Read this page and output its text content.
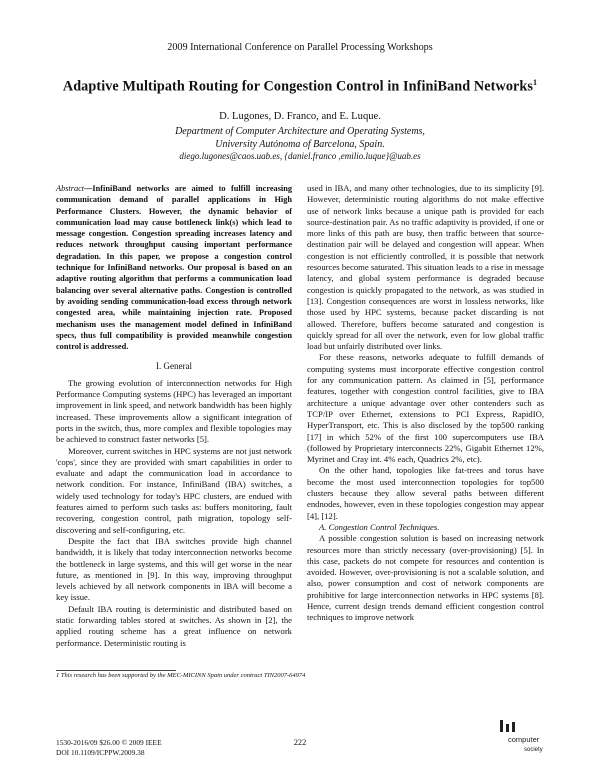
2009 International Conference on Parallel Processing Workshops
Adaptive Multipath Routing for Congestion Control in InfiniBand Networks$^1$
D. Lugones, D. Franco, and E. Luque.
Department of Computer Architecture and Operating Systems,
University Autónoma of Barcelona, Spain.
diego.lugones@caos.uab.es, {daniel.franco ,emilio.luque}@uab.es

Abstract—InfiniBand networks are aimed to fulfill increasing communication demand of parallel applications in High Performance Clusters. However, the dynamic behavior of communication load may cause bottleneck link(s) which lead to message congestion. Congestion spreading increases latency and reduces network throughput causing important performance degradation. In this paper, we propose a congestion control technique for InfiniBand networks. Our proposal is based on an adaptive routing algorithm that performs a communication load balancing over several alternative paths. Congestion is controlled by avoiding sending communication-load excess through network congested area, while maintaining injection rate. Proposed mechanism uses the management model defined in InfiniBand specs, thus full compatibility is provided meanwhile congestion control is addressed.

I. General

The growing evolution of interconnection networks for High Performance Computing systems (HPC) has leveraged an important improvement in link speed, and network bandwidth has been highly increased. These improvements allow a significant integration of ports in the switch, thus, more complex and flexible topologies may be achieved to construct faster networks [5].

Moreover, current switches in HPC systems are not just network 'cops', since they are provided with smart capabilities in order to evaluate and adapt the communication load in accordance to network condition. For instance, InfiniBand (IBA) switches, a widely used technology for today's HPC clusters, are endued with features aimed to perform such tasks as: buffers monitoring, fault recovering, congestion control, path migration, topology self-discovering and self-configuring, etc.

Despite the fact that IBA switches provide high channel bandwidth, it is likely that today interconnection networks become the bottleneck in large systems, and this will get worse in the near future, as mentioned in [9]. In this way, improving throughput levels achieved by all network components in IBA will become a key issue.

Default IBA routing is deterministic and distributed based on static forwarding tables stored at switches. As shown in [2], the applied routing scheme has a great influence on network performance. Deterministic routing is

used in IBA, and many other technologies, due to its simplicity [9]. However, deterministic routing algorithms do not make effective use of network links because a unique path is provided for each source-destination pair. As no traffic adaptivity is provided, if one or more links of this path are busy, then traffic between that source-destination pair will be delayed and congestion will appear. When congestion is not efficiently controlled, it is possible that network resources become saturated. This situation leads to a rise in message latency, and global system performance is degraded because congestion is quickly propagated to the network, as was studied in [13]. Congestion consequences are worst in lossless networks, like those used by HPC systems, because packet discarding is not allowed. Therefore, buffers become saturated and congestion is quickly spread for all over the network, even for low global traffic load but unfairly distributed over links.

For these reasons, networks adequate to fulfill demands of computing systems must incorporate effective congestion control for any communication pattern. As claimed in [5], performance features, together with congestion control facilities, give to IBA architecture a unique advantage over other contenders such as TCP/IP over Ethernet, extensions to PCI Express, RapidIO, HyperTransport, etc. This is also disclosed by the top500 ranking [17] in which 52% of the first 100 supercomputers use IBA (followed by Proprietary interconnects 22%, Gigabit Ethernet 12%, Myrinet and Cray int. 4% each, Quadrics 2%, etc).

On the other hand, topologies like fat-trees and torus have become the most used interconnection topologies for top500 clusters because they allow several paths between different endnodes, however, even in these topologies congestion may appear [4], [12].

A. Congestion Control Techniques.

A possible congestion solution is based on increasing network resources more than strictly necessary (over-provisioning) [5]. In this case, packets do not compete for resources and contention is avoided. However, over-provisioning is not a scalable solution, and also, power consumption and cost of network components are prohibitive for large interconnection networks in HPC systems [8]. Hence, current design trends demand efficient congestion control techniques to improve network

1 This research has been supported by the MEC-MICINN Spain under contract TIN2007-64974
1530-2016/09 $26.00 © 2009 IEEE
DOI 10.1109/ICPPW.2009.38
222	computer
society
